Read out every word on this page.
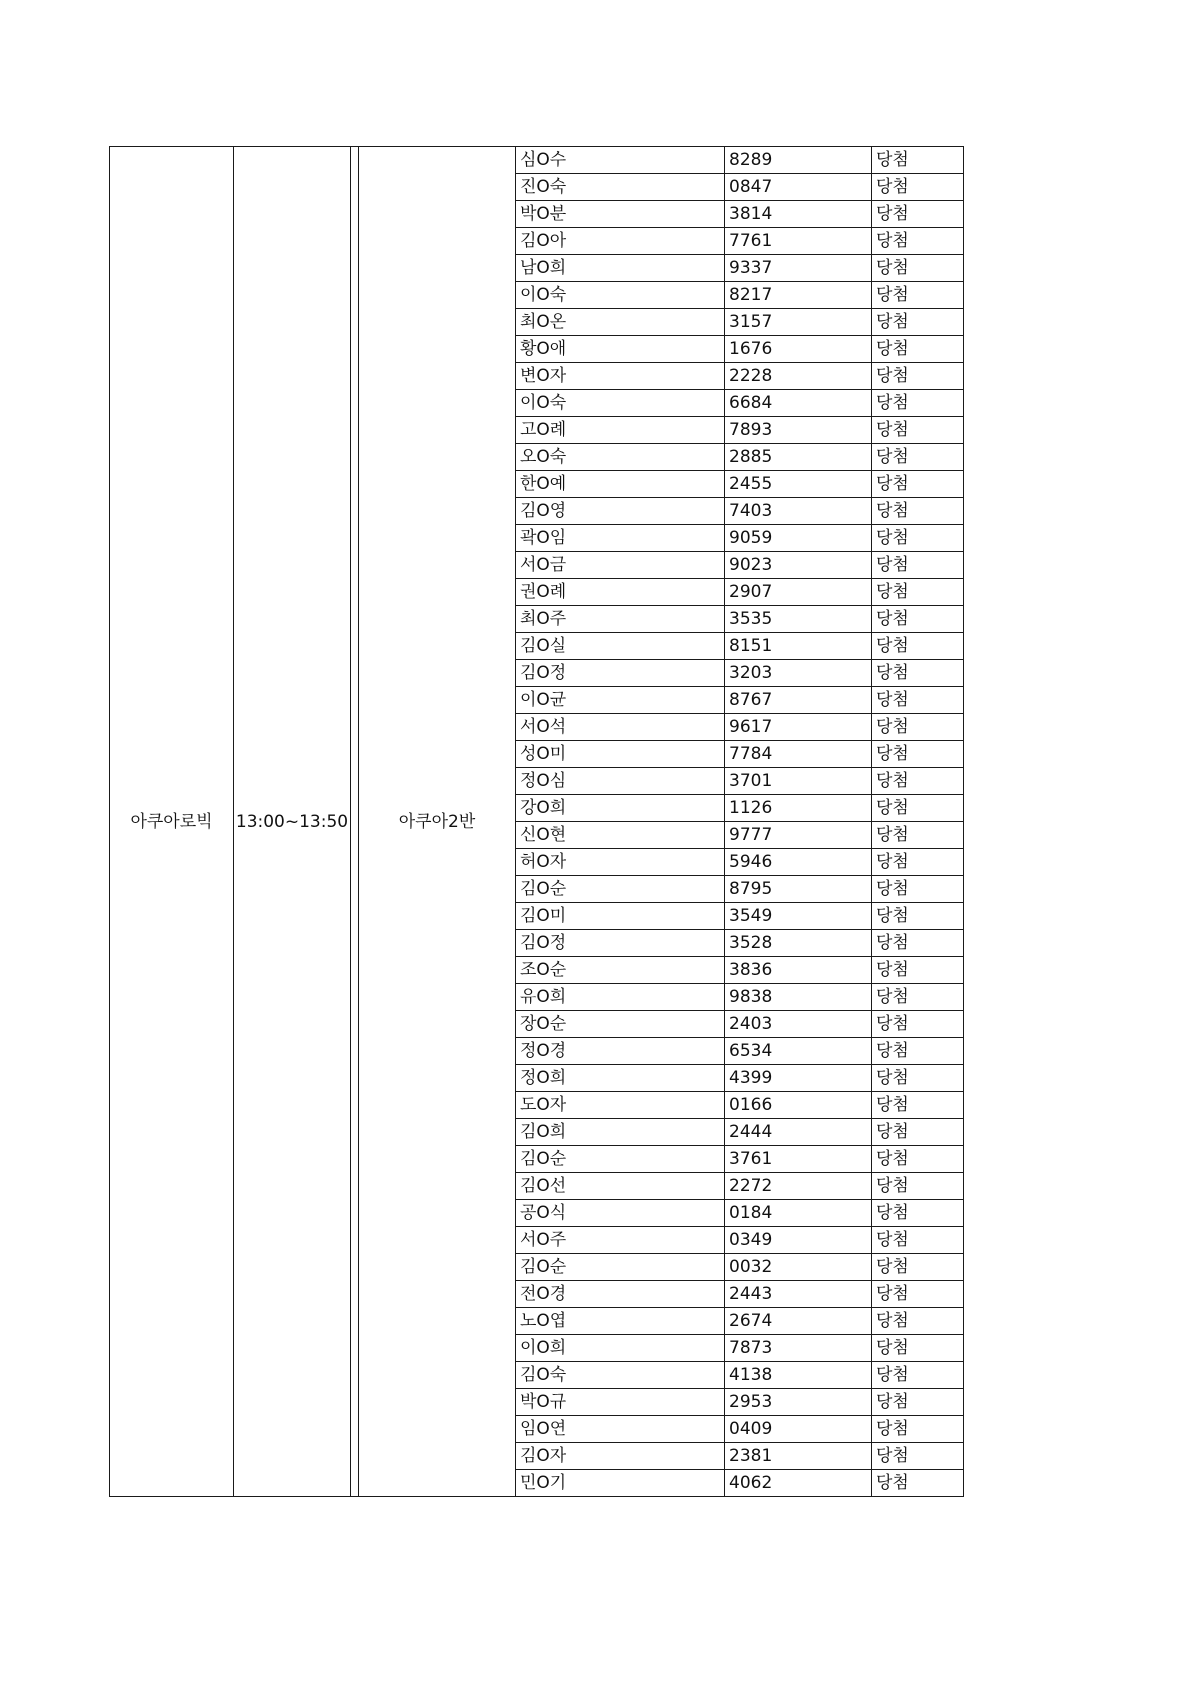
아쿠아로빅	13:00~13:50		아쿠아2반	심O수	8289	당첨
				진O숙	0847	당첨
				박O분	3814	당첨
				김O아	7761	당첨
				남O희	9337	당첨
				이O숙	8217	당첨
				최O온	3157	당첨
				황O애	1676	당첨
				변O자	2228	당첨
				이O숙	6684	당첨
				고O례	7893	당첨
				오O숙	2885	당첨
				한O예	2455	당첨
				김O영	7403	당첨
				곽O임	9059	당첨
				서O금	9023	당첨
				권O례	2907	당첨
				최O주	3535	당첨
				김O실	8151	당첨
				김O정	3203	당첨
				이O균	8767	당첨
				서O석	9617	당첨
				성O미	7784	당첨
				정O심	3701	당첨
				강O희	1126	당첨
				신O현	9777	당첨
				허O자	5946	당첨
				김O순	8795	당첨
				김O미	3549	당첨
				김O정	3528	당첨
				조O순	3836	당첨
				유O희	9838	당첨
				장O순	2403	당첨
				정O경	6534	당첨
				정O희	4399	당첨
				도O자	0166	당첨
				김O희	2444	당첨
				김O순	3761	당첨
				김O선	2272	당첨
				공O식	0184	당첨
				서O주	0349	당첨
				김O순	0032	당첨
				전O경	2443	당첨
				노O엽	2674	당첨
				이O희	7873	당첨
				김O숙	4138	당첨
				박O규	2953	당첨
				임O연	0409	당첨
				김O자	2381	당첨
				민O기	4062	당첨
